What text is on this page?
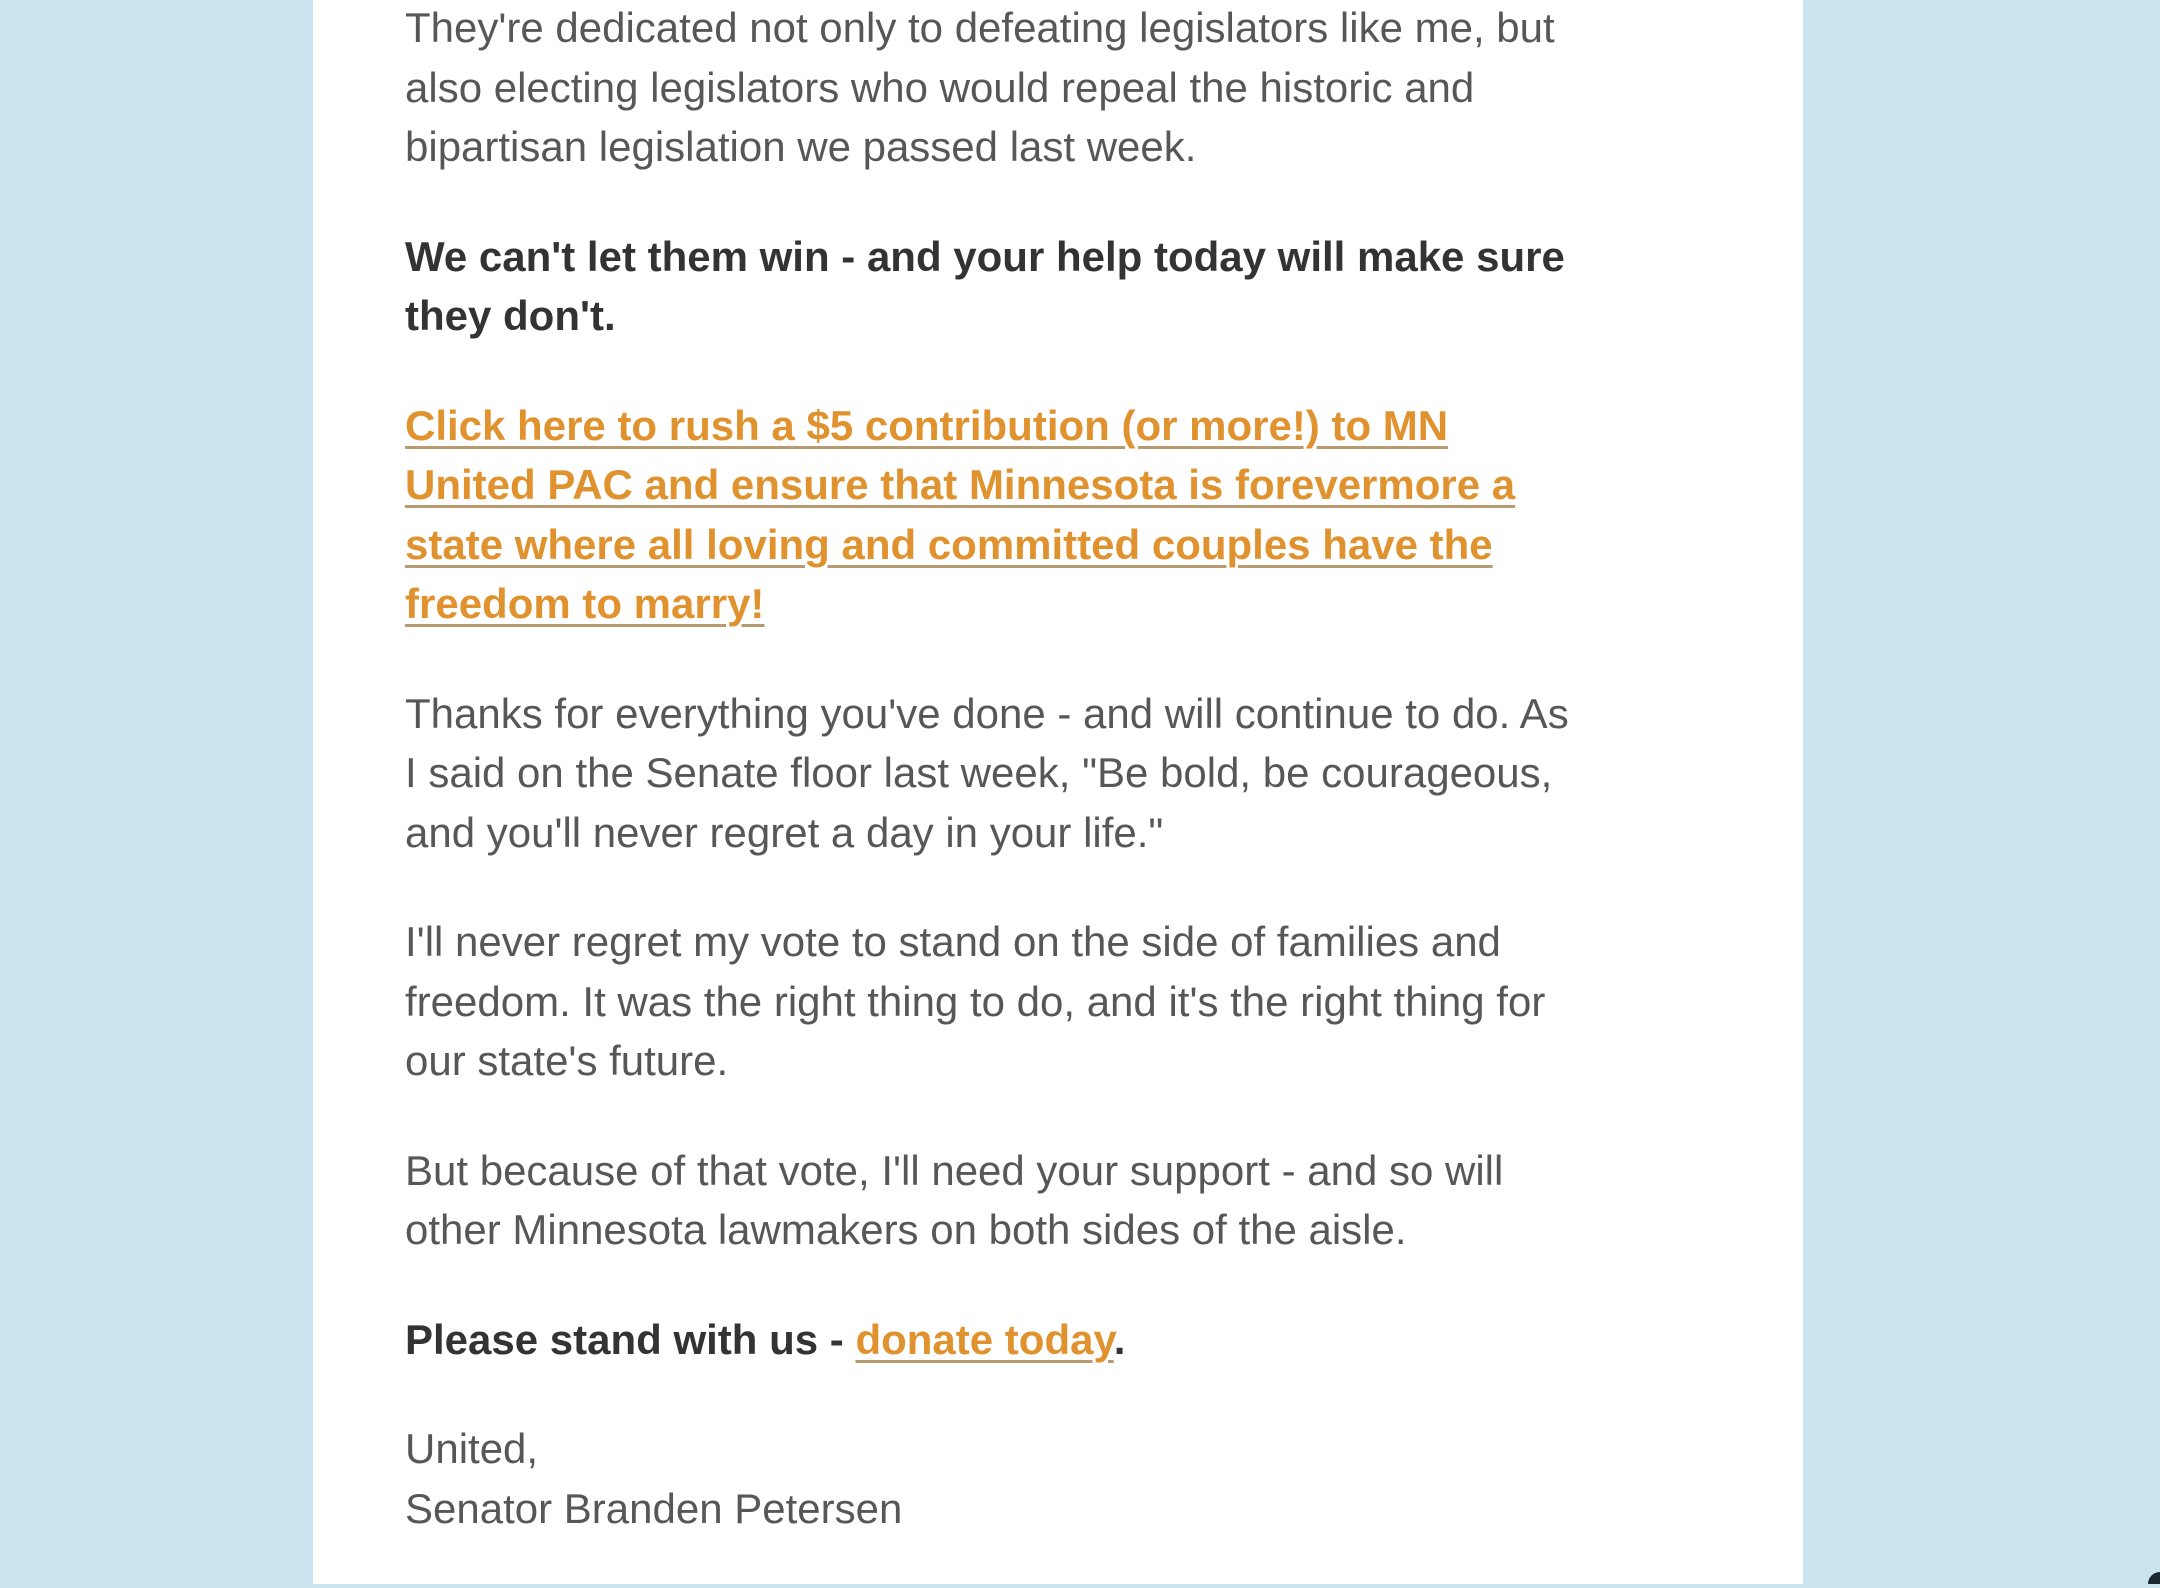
They're dedicated not only to defeating legislators like me, but
also electing legislators who would repeal the historic and
bipartisan legislation we passed last week.

We can't let them win - and your help today will make sure
they don't.

Click here to rush a $5 contribution (or more!) to MN
United PAC and ensure that Minnesota is forevermore a
state where all loving and committed couples have the
freedom to marry!

Thanks for everything you've done - and will continue to do. As
I said on the Senate floor last week, "Be bold, be courageous,
and you'll never regret a day in your life."

I'll never regret my vote to stand on the side of families and
freedom. It was the right thing to do, and it's the right thing for
our state's future.

But because of that vote, I'll need your support - and so will
other Minnesota lawmakers on both sides of the aisle.

Please stand with us - donate today.

United,
Senator Branden Petersen
